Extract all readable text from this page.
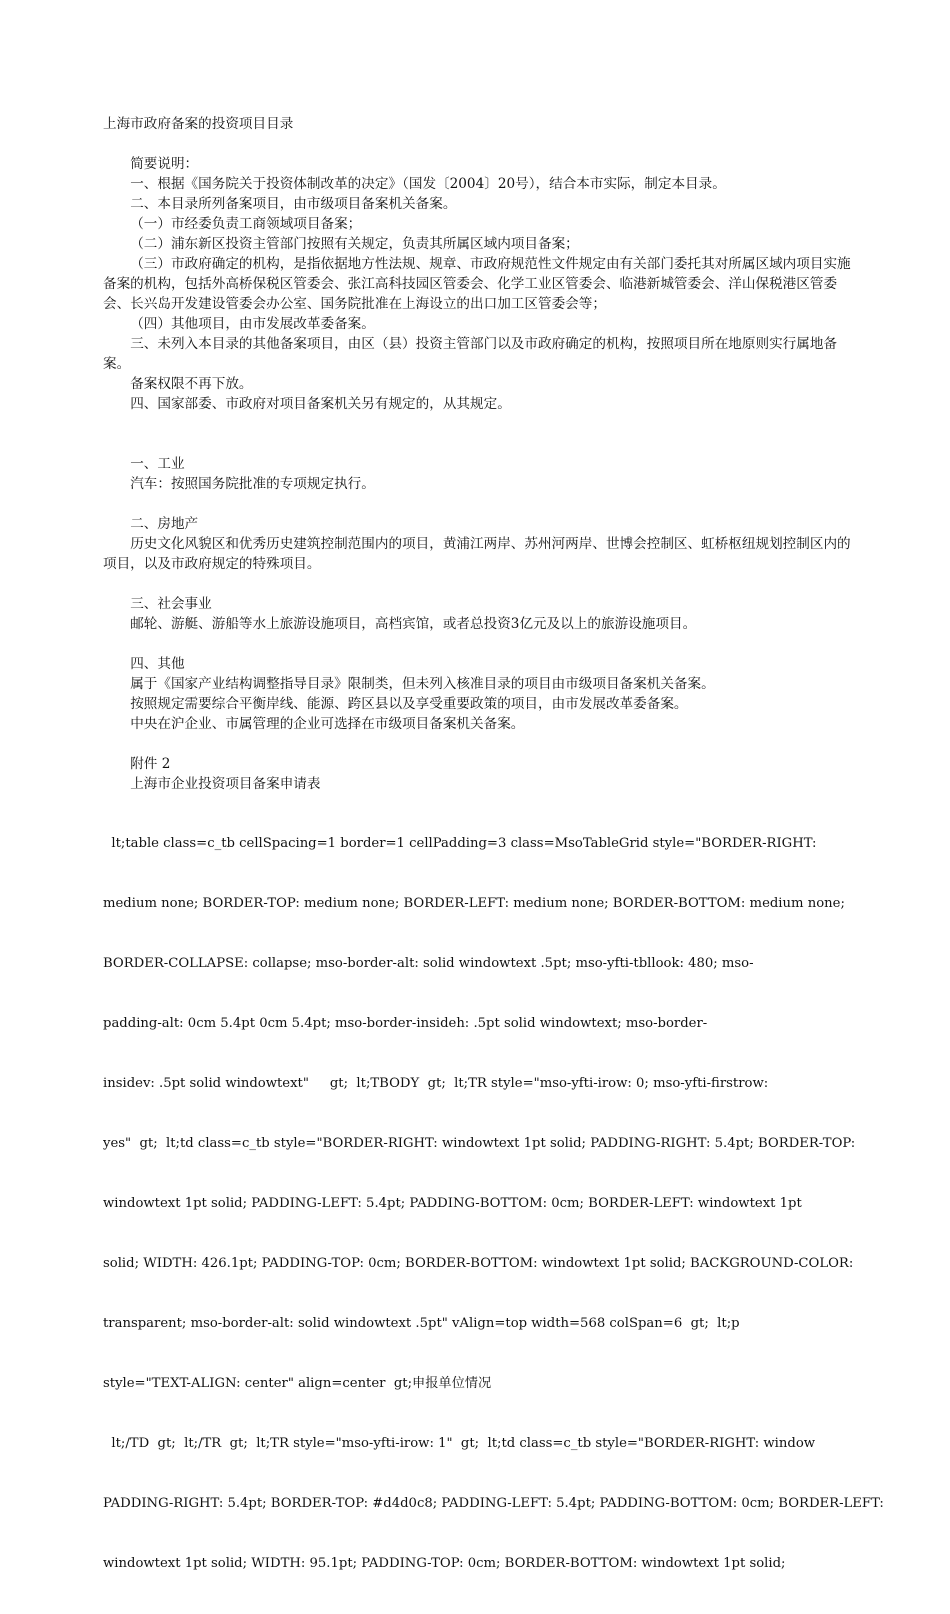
上海市政府备案的投资项目目录

简要说明：

一、根据《国务院关于投资体制改革的决定》（国发〔2004〕20号），结合本市实际，制定本目录。

二、本目录所列备案项目，由市级项目备案机关备案。

（一）市经委负责工商领域项目备案；

（二）浦东新区投资主管部门按照有关规定，负责其所属区域内项目备案；

（三）市政府确定的机构，是指依据地方性法规、规章、市政府规范性文件规定由有关部门委托其对所属区域内项目实施备案的机构，包括外高桥保税区管委会、张江高科技园区管委会、化学工业区管委会、临港新城管委会、洋山保税港区管委会、长兴岛开发建设管委会办公室、国务院批准在上海设立的出口加工区管委会等；

（四）其他项目，由市发展改革委备案。

三、未列入本目录的其他备案项目，由区（县）投资主管部门以及市政府确定的机构，按照项目所在地原则实行属地备案。

备案权限不再下放。

四、国家部委、市政府对项目备案机关另有规定的，从其规定。

一、工业

汽车：按照国务院批准的专项规定执行。

二、房地产

历史文化风貌区和优秀历史建筑控制范围内的项目，黄浦江两岸、苏州河两岸、世博会控制区、虹桥枢纽规划控制区内的项目，以及市政府规定的特殊项目。

三、社会事业

邮轮、游艇、游船等水上旅游设施项目，高档宾馆，或者总投资3亿元及以上的旅游设施项目。

四、其他

属于《国家产业结构调整指导目录》限制类，但未列入核准目录的项目由市级项目备案机关备案。

按照规定需要综合平衡岸线、能源、跨区县以及享受重要政策的项目，由市发展改革委备案。

中央在沪企业、市属管理的企业可选择在市级项目备案机关备案。

附件 2

上海市企业投资项目备案申请表

lt;table class=c_tb cellSpacing=1 border=1 cellPadding=3 class=MsoTableGrid style="BORDER-RIGHT:

medium none; BORDER-TOP: medium none; BORDER-LEFT: medium none; BORDER-BOTTOM: medium none;

BORDER-COLLAPSE: collapse; mso-border-alt: solid windowtext .5pt; mso-yfti-tbllook: 480; mso-

padding-alt: 0cm 5.4pt 0cm 5.4pt; mso-border-insideh: .5pt solid windowtext; mso-border-

insidev: .5pt solid windowtext"     gt;  lt;TBODY  gt;  lt;TR style="mso-yfti-irow: 0; mso-yfti-firstrow:

yes"  gt;  lt;td class=c_tb style="BORDER-RIGHT: windowtext 1pt solid; PADDING-RIGHT: 5.4pt; BORDER-TOP:

windowtext 1pt solid; PADDING-LEFT: 5.4pt; PADDING-BOTTOM: 0cm; BORDER-LEFT: windowtext 1pt

solid; WIDTH: 426.1pt; PADDING-TOP: 0cm; BORDER-BOTTOM: windowtext 1pt solid; BACKGROUND-COLOR:

transparent; mso-border-alt: solid windowtext .5pt" vAlign=top width=568 colSpan=6  gt;  lt;p

style="TEXT-ALIGN: center" align=center  gt;申报单位情况

lt;/TD  gt;  lt;/TR  gt;  lt;TR style="mso-yfti-irow: 1"  gt;  lt;td class=c_tb style="BORDER-RIGHT: window

PADDING-RIGHT: 5.4pt; BORDER-TOP: #d4d0c8; PADDING-LEFT: 5.4pt; PADDING-BOTTOM: 0cm; BORDER-LEFT:

windowtext 1pt solid; WIDTH: 95.1pt; PADDING-TOP: 0cm; BORDER-BOTTOM: windowtext 1pt solid;
